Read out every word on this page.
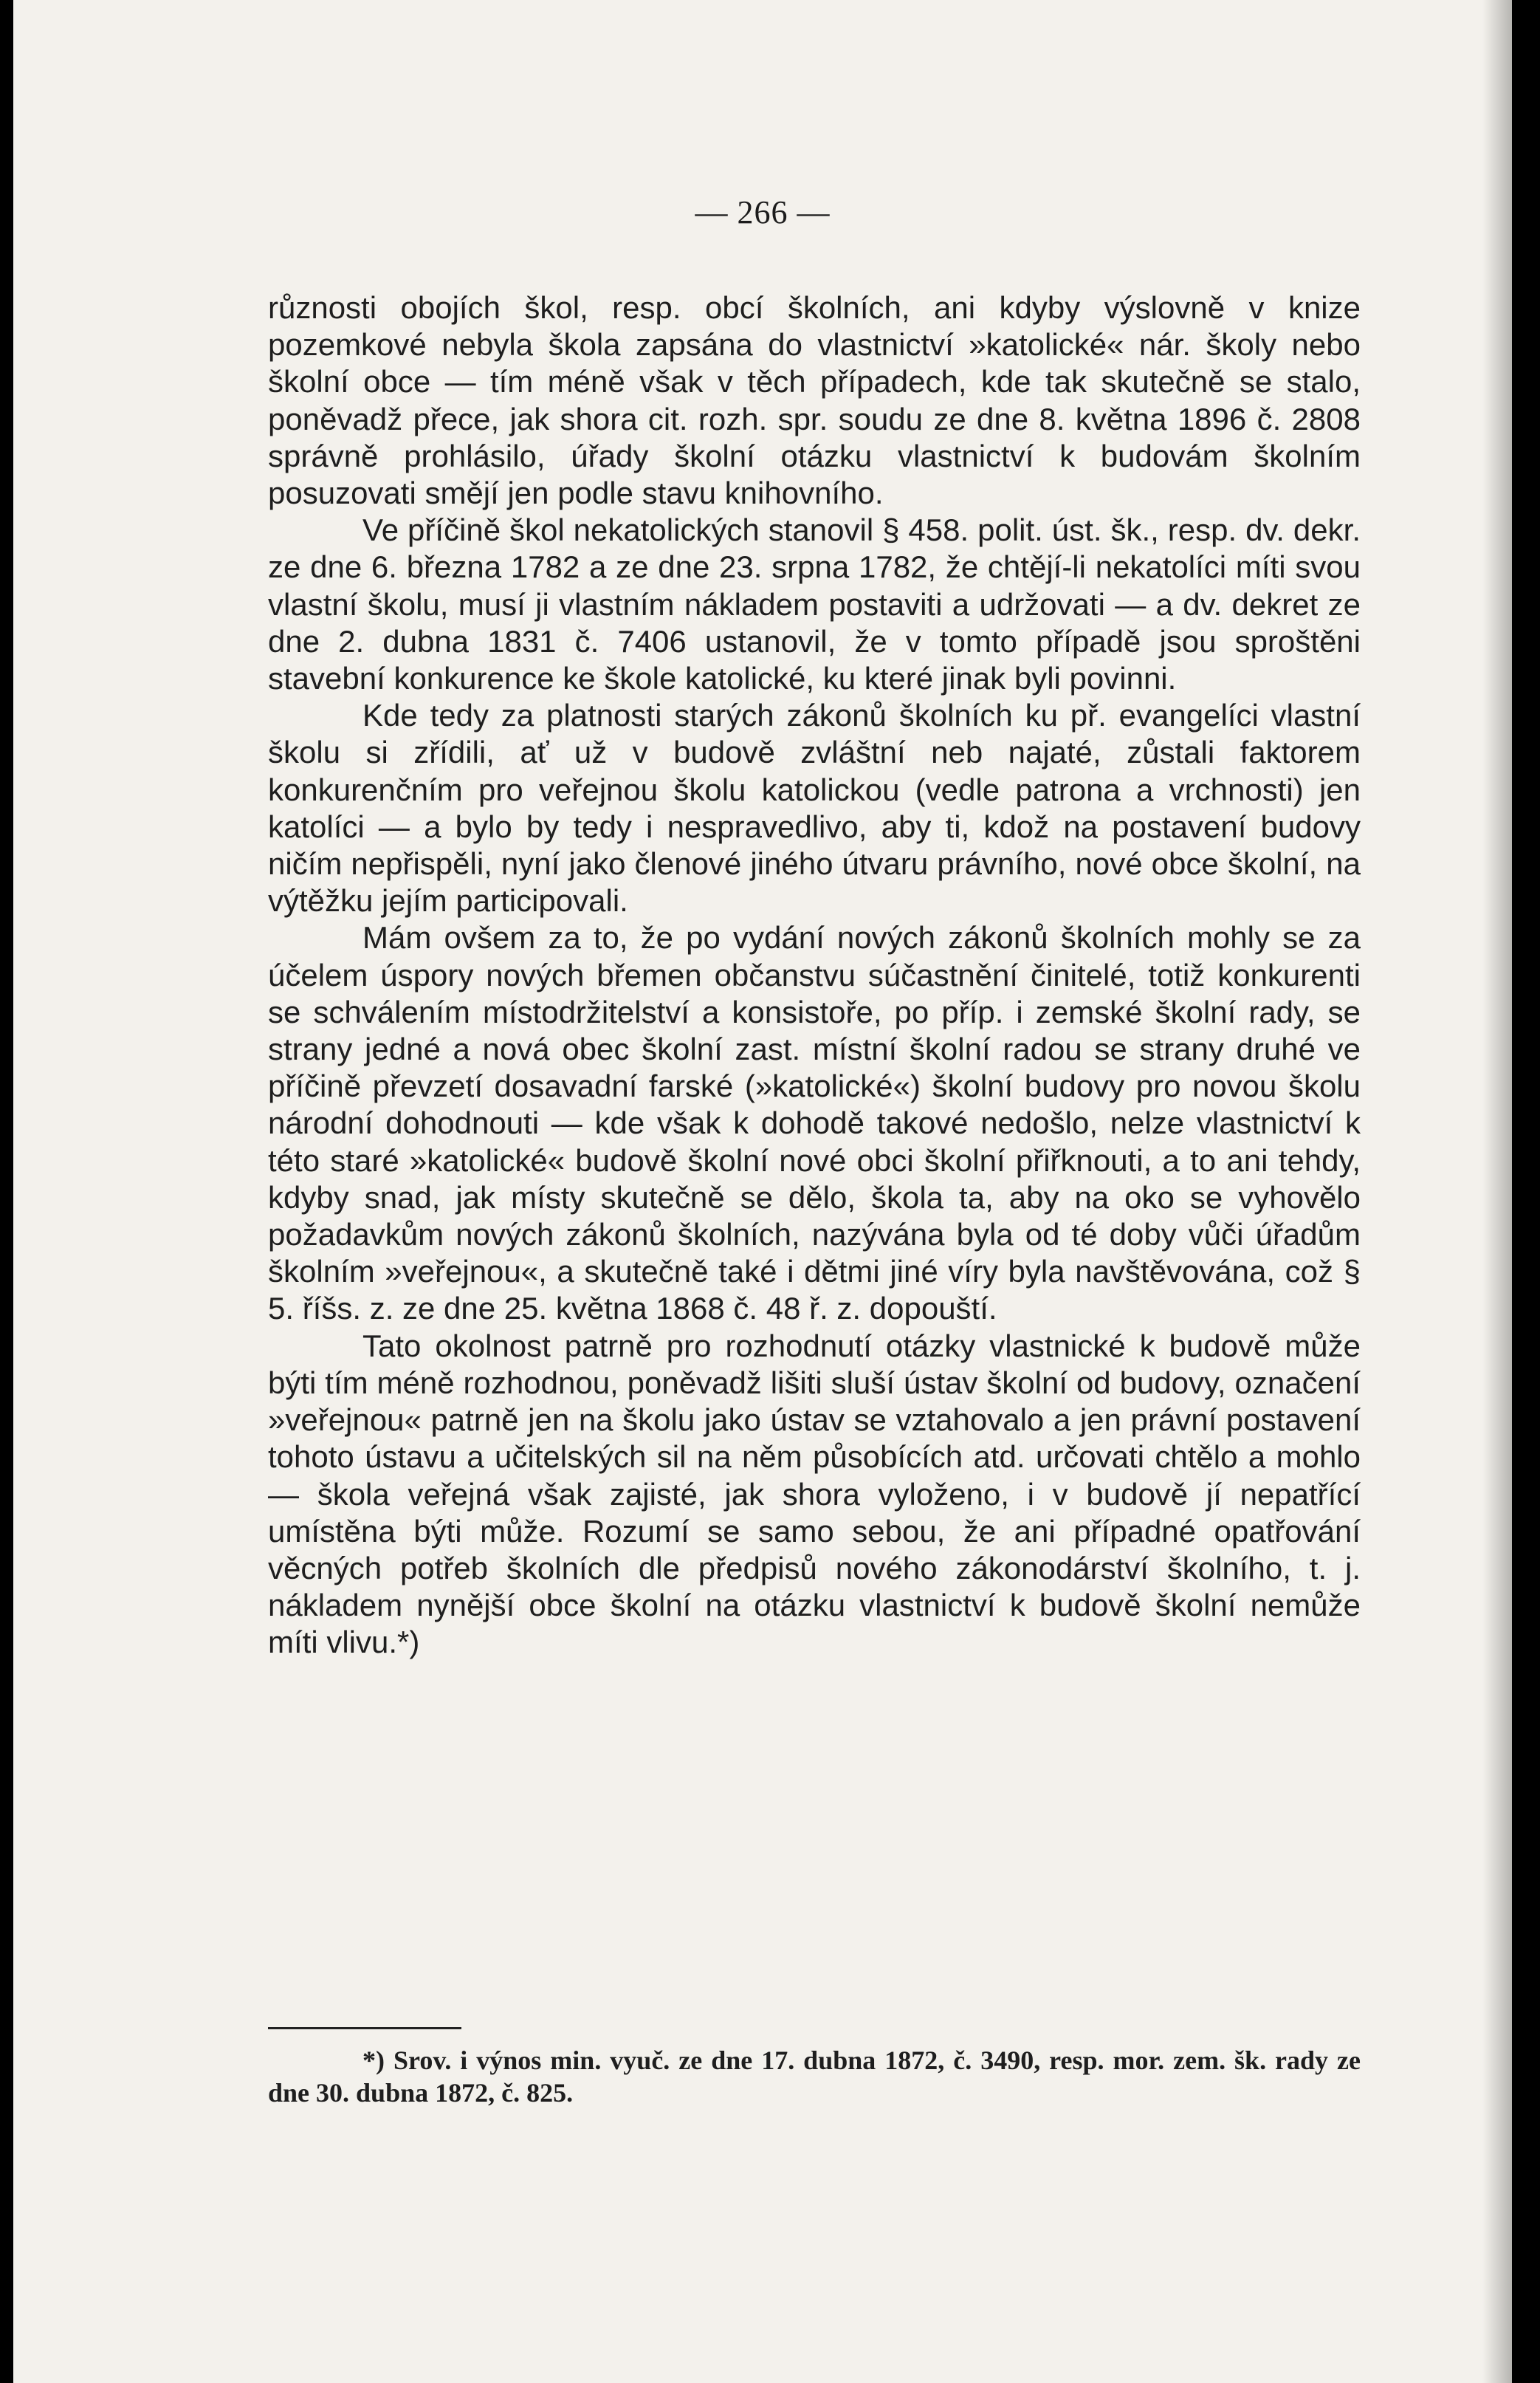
— 266 —

různosti obojích škol, resp. obcí školních, ani kdyby výslovně v knize pozemkové nebyla škola zapsána do vlastnictví »katolické« nár. školy nebo školní obce — tím méně však v těch případech, kde tak skutečně se stalo, poněvadž přece, jak shora cit. rozh. spr. soudu ze dne 8. května 1896 č. 2808 správně prohlásilo, úřady školní otázku vlastnictví k budovám školním posuzovati smějí jen podle stavu knihovního.

Ve příčině škol nekatolických stanovil § 458. polit. úst. šk., resp. dv. dekr. ze dne 6. března 1782 a ze dne 23. srpna 1782, že chtějí-li nekatolíci míti svou vlastní školu, musí ji vlastním nákladem postaviti a udržovati — a dv. dekret ze dne 2. dubna 1831 č. 7406 ustanovil, že v tomto případě jsou sproštěni stavební konkurence ke škole katolické, ku které jinak byli povinni.

Kde tedy za platnosti starých zákonů školních ku př. evangelíci vlastní školu si zřídili, ať už v budově zvláštní neb najaté, zůstali faktorem konkurenčním pro veřejnou školu katolickou (vedle patrona a vrchnosti) jen katolíci — a bylo by tedy i nespravedlivo, aby ti, kdož na postavení budovy ničím nepřispěli, nyní jako členové jiného útvaru právního, nové obce školní, na výtěžku jejím participovali.

Mám ovšem za to, že po vydání nových zákonů školních mohly se za účelem úspory nových břemen občanstvu súčastnění činitelé, totiž konkurenti se schválením místodržitelství a konsistoře, po příp. i zemské školní rady, se strany jedné a nová obec školní zast. místní školní radou se strany druhé ve příčině převzetí dosavadní farské (»katolické«) školní budovy pro novou školu národní dohodnouti — kde však k dohodě takové nedošlo, nelze vlastnictví k této staré »katolické« budově školní nové obci školní přiřknouti, a to ani tehdy, kdyby snad, jak místy skutečně se dělo, škola ta, aby na oko se vyhovělo požadavkům nových zákonů školních, nazývána byla od té doby vůči úřadům školním »veřejnou«, a skutečně také i dětmi jiné víry byla navštěvována, což § 5. říšs. z. ze dne 25. května 1868 č. 48 ř. z. dopouští.

Tato okolnost patrně pro rozhodnutí otázky vlastnické k budově může býti tím méně rozhodnou, poněvadž lišiti sluší ústav školní od budovy, označení »veřejnou« patrně jen na školu jako ústav se vztahovalo a jen právní postavení tohoto ústavu a učitelských sil na něm působících atd. určovati chtělo a mohlo — škola veřejná však zajisté, jak shora vyloženo, i v budově jí nepatřící umístěna býti může. Rozumí se samo sebou, že ani případné opatřování věcných potřeb školních dle předpisů nového zákonodárství školního, t. j. nákladem nynější obce školní na otázku vlastnictví k budově školní nemůže míti vlivu.*)

*) Srov. i výnos min. vyuč. ze dne 17. dubna 1872, č. 3490, resp. mor. zem. šk. rady ze dne 30. dubna 1872, č. 825.
